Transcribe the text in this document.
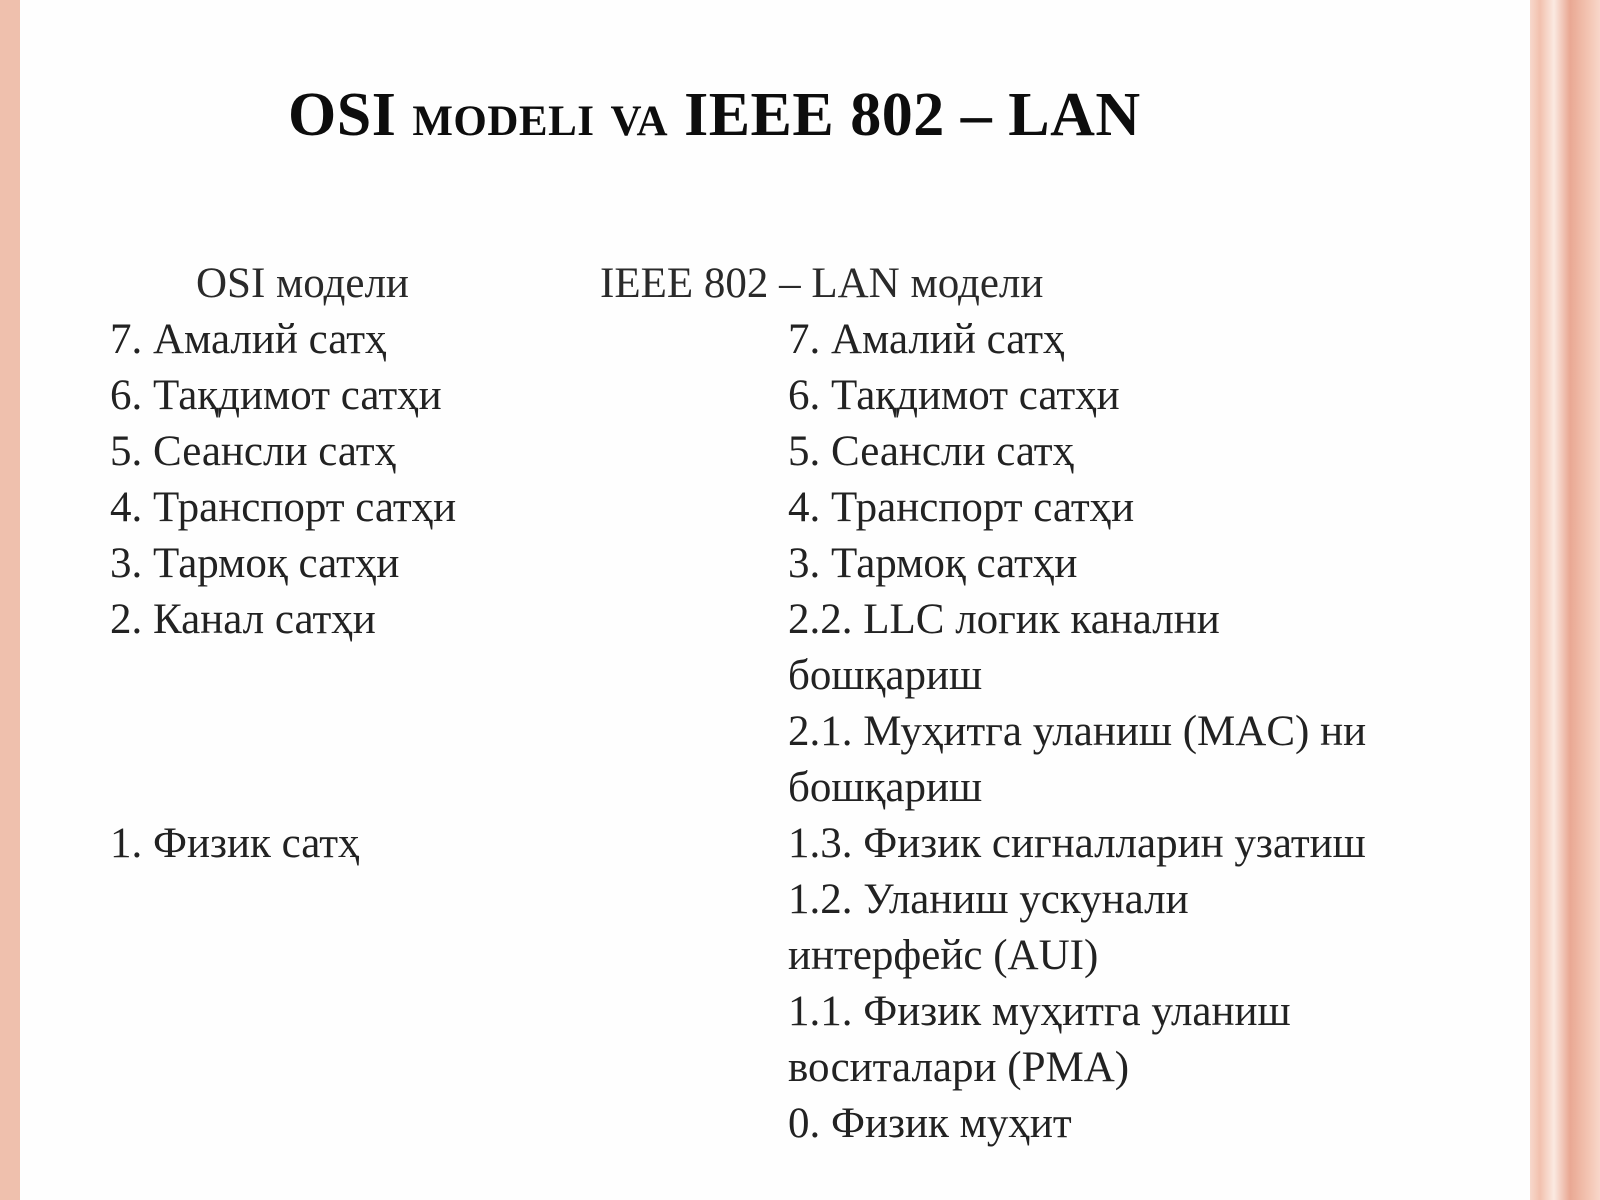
OSI modeli va IEEE 802 – LAN
OSI модели	IEEE 802 – LAN модели
7. Амалий сатҳ
6. Тақдимот сатҳи
5. Сеансли сатҳ
4. Транспорт сатҳи
3. Тармоқ сатҳи
2. Канал сатҳи
1. Физик сатҳ
7. Амалий сатҳ
6. Тақдимот сатҳи
5. Сеансли сатҳ
4. Транспорт сатҳи
3. Тармоқ сатҳи
2.2. LLC логик канални
бошқариш
2.1. Муҳитга уланиш (MAC) ни
бошқариш
1.3. Физик сигналларин узатиш
1.2. Уланиш ускунали
интерфейс (AUI)
1.1. Физик муҳитга уланиш
воситалари (PMA)
0. Физик муҳит
